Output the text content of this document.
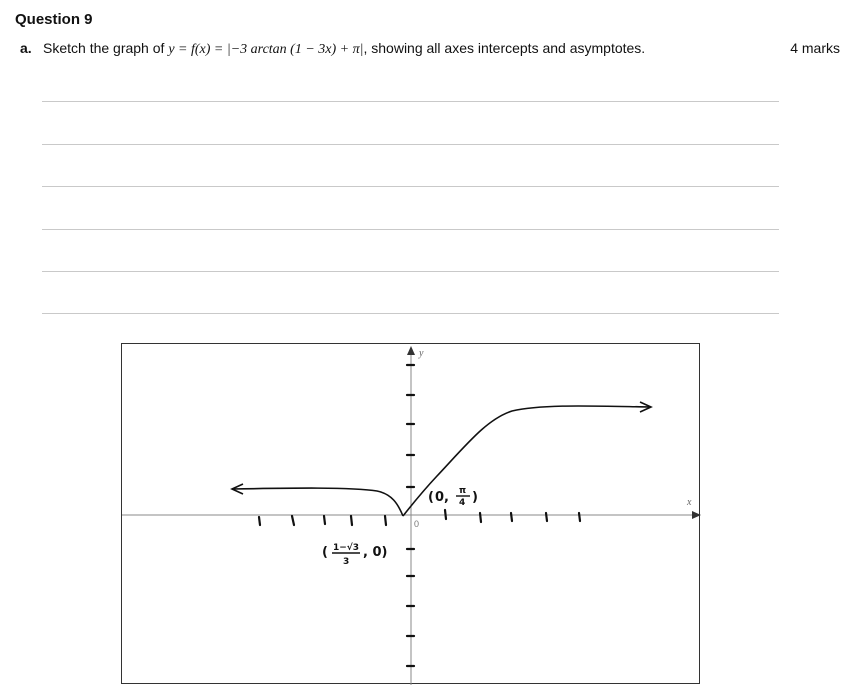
Question 9
a. Sketch the graph of y = f(x) = |−3 arctan (1 − 3x) + π|, showing all axes intercepts and asymptotes.	4 marks
y
x
0
( 1−√3
3
, 0)
( 0 , π
4 )
